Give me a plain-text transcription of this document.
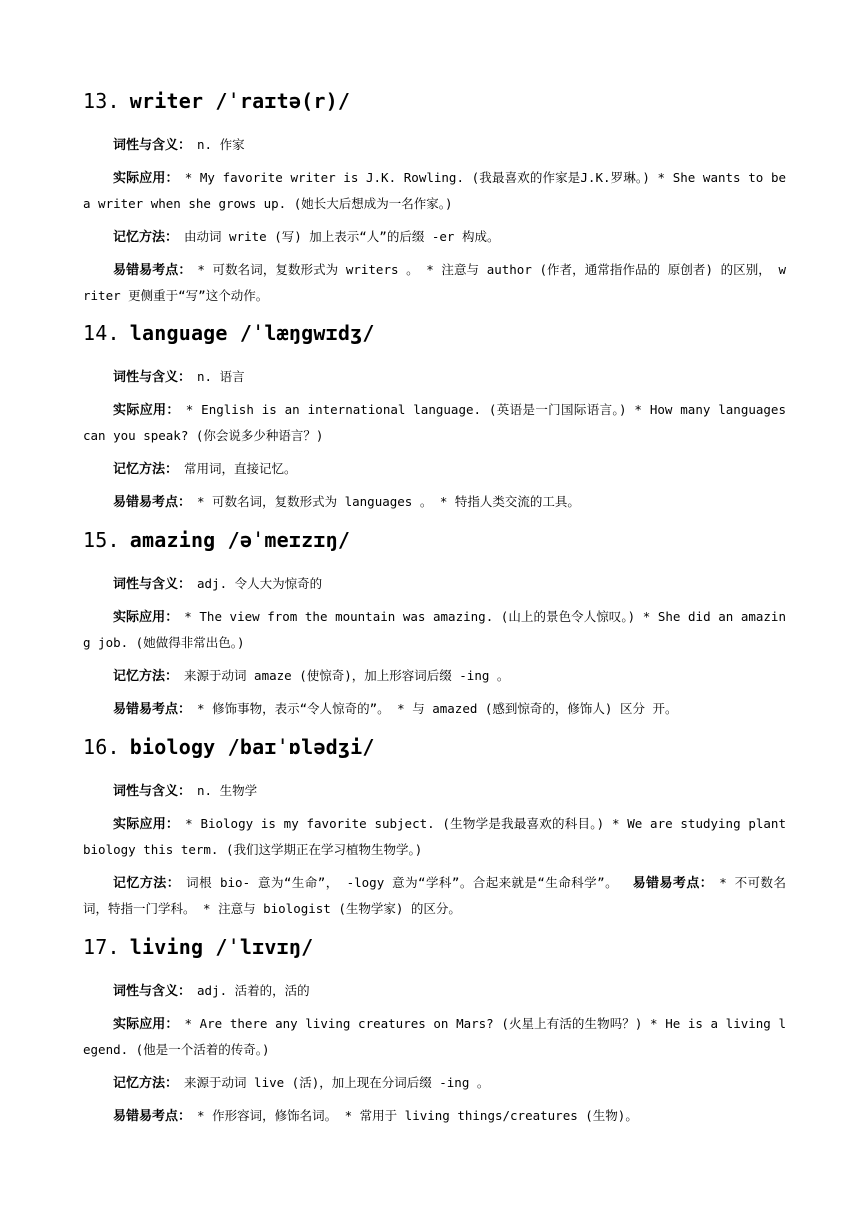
13. writer /ˈraɪtə(r)/
词性与含义： n. 作家
实际应用： * My favorite writer is J.K. Rowling. (我最喜欢的作家是J.K.罗琳。) * She wants to be a writer when she grows up. (她长大后想成为一名作家。)
记忆方法： 由动词 write (写) 加上表示“人”的后缀 -er 构成。
易错易考点： * 可数名词，复数形式为 writers 。 * 注意与 author (作者，通常指作品的 原创者) 的区别， writer 更侧重于“写”这个动作。
14. language /ˈlæŋgwɪdʒ/
词性与含义： n. 语言
实际应用： * English is an international language. (英语是一门国际语言。) * How many languages can you speak? (你会说多少种语言？)
记忆方法： 常用词，直接记忆。
易错易考点： * 可数名词，复数形式为 languages 。 * 特指人类交流的工具。
15. amazing /əˈmeɪzɪŋ/
词性与含义： adj. 令人大为惊奇的
实际应用： * The view from the mountain was amazing. (山上的景色令人惊叹。) * She did an amazing job. (她做得非常出色。)
记忆方法： 来源于动词 amaze (使惊奇)，加上形容词后缀 -ing 。
易错易考点： * 修饰事物，表示“令人惊奇的”。 * 与 amazed (感到惊奇的，修饰人) 区分 开。
16. biology /baɪˈɒlədʒi/
词性与含义： n. 生物学
实际应用： * Biology is my favorite subject. (生物学是我最喜欢的科目。) * We are studying plant biology this term. (我们这学期正在学习植物生物学。)
记忆方法： 词根 bio- 意为“生命”， -logy 意为“学科”。合起来就是“生命科学”。 易错易考点： * 不可数名词，特指一门学科。 * 注意与 biologist (生物学家) 的区分。
17. living /ˈlɪvɪŋ/
词性与含义： adj. 活着的，活的
实际应用： * Are there any living creatures on Mars? (火星上有活的生物吗？) * He is a living legend. (他是一个活着的传奇。)
记忆方法： 来源于动词 live (活)，加上现在分词后缀 -ing 。
易错易考点： * 作形容词，修饰名词。 * 常用于 living things/creatures (生物)。
